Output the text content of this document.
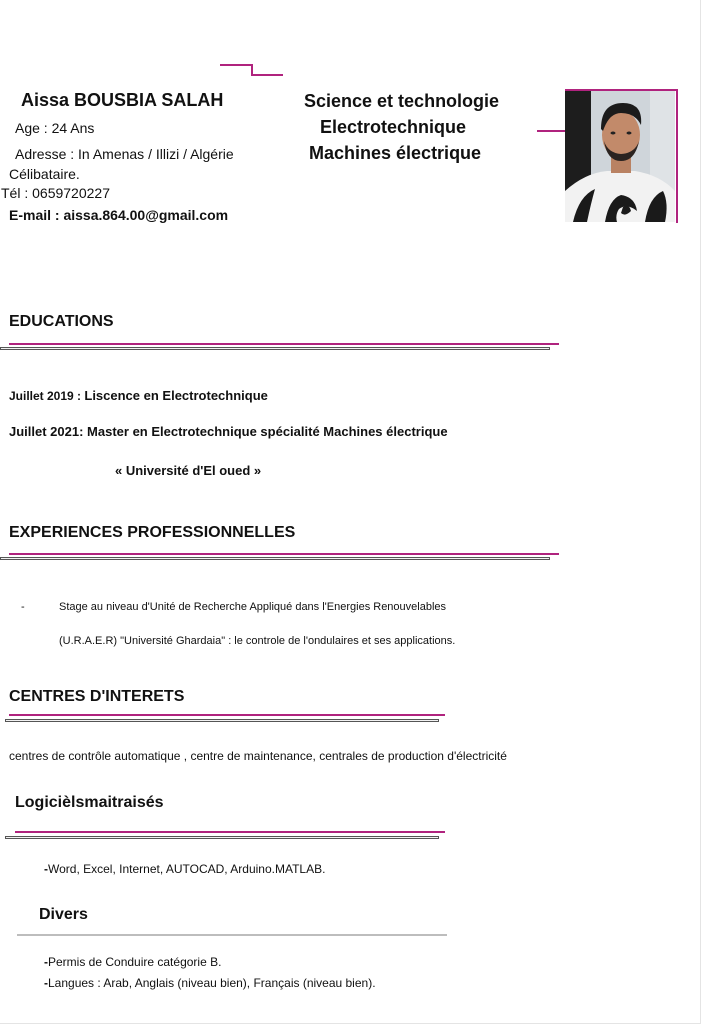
Aissa BOUSBIA SALAH
Age : 24 Ans
Adresse : In Amenas / Illizi / Algérie
Célibataire.
Tél : 0659720227
E-mail : aissa.864.00@gmail.com
Science et technologie
Electrotechnique
Machines électrique
EDUCATIONS
Juillet 2019 : Liscence en Electrotechnique
Juillet 2021: Master en Electrotechnique spécialité Machines électrique
« Université d'El oued »
EXPERIENCES PROFESSIONNELLES
-	Stage au niveau d'Unité de Recherche Appliqué dans l'Energies Renouvelables
(U.R.A.E.R) "Université Ghardaia" : le controle de l'ondulaires et ses applications.
CENTRES D'INTERETS
centres de contrôle automatique , centre de maintenance, centrales de production d'électricité
Logicièlsmaitraisés
-Word, Excel, Internet, AUTOCAD, Arduino.MATLAB.
Divers
-Permis de Conduire catégorie B.
-Langues : Arab, Anglais (niveau bien), Français (niveau bien).
